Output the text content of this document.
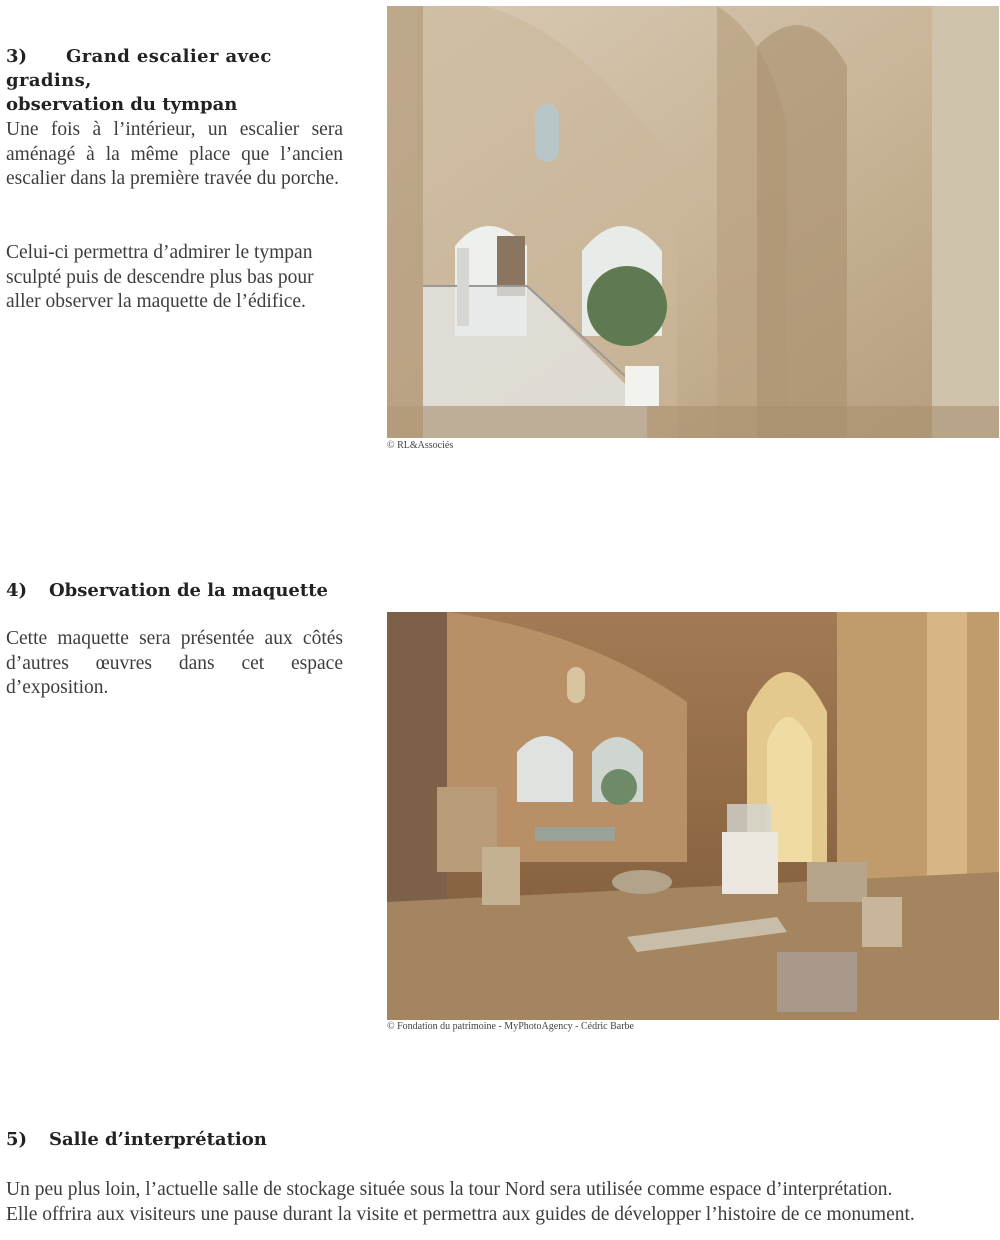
3) Grand escalier avec gradins,
observation du tympan

Une fois à l’intérieur, un escalier sera aménagé à la même place que l’ancien escalier dans la première travée du porche.

Celui-ci permettra d’admirer le tympan sculpté puis de descendre plus bas pour aller observer la maquette de l’édifice.

© RL&Associés

4) Observation de la maquette

Cette maquette sera présentée aux côtés d’autres œuvres dans cet espace d’exposition.

© Fondation du patrimoine - MyPhotoAgency - Cédric Barbe

5) Salle d’interprétation

Un peu plus loin, l’actuelle salle de stockage située sous la tour Nord sera utilisée comme espace d’interprétation.

Elle offrira aux visiteurs une pause durant la visite et permettra aux guides de développer l’histoire de ce monument.
